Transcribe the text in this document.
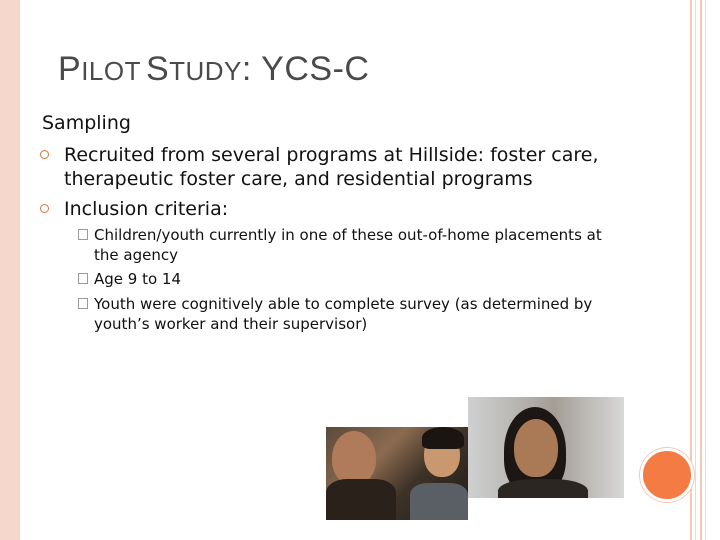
PILOT STUDY: YCS-C
Sampling
Recruited from several programs at Hillside: foster care, therapeutic foster care, and residential programs
Inclusion criteria:
Children/youth currently in one of these out-of-home placements at the agency
Age 9 to 14
Youth were cognitively able to complete survey (as determined by youth’s worker and their supervisor)
